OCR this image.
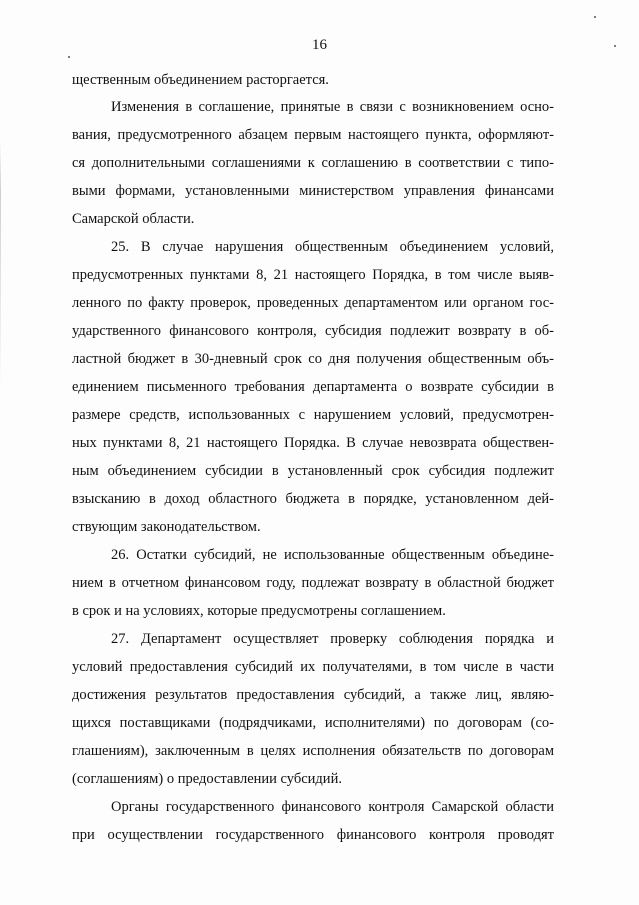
16
щественным объединением расторгается.
Изменения в соглашение, принятые в связи с возникновением осно-
вания, предусмотренного абзацем первым настоящего пункта, оформляют-
ся дополнительными соглашениями к соглашению в соответствии с типо-
выми формами, установленными министерством управления финансами
Самарской области.
25. В случае нарушения общественным объединением условий,
предусмотренных пунктами 8, 21 настоящего Порядка, в том числе выяв-
ленного по факту проверок, проведенных департаментом или органом гос-
ударственного финансового контроля, субсидия подлежит возврату в об-
ластной бюджет в 30-дневный срок со дня получения общественным объ-
единением письменного требования департамента о возврате субсидии в
размере средств, использованных с нарушением условий, предусмотрен-
ных пунктами 8, 21 настоящего Порядка. В случае невозврата обществен-
ным объединением субсидии в установленный срок субсидия подлежит
взысканию в доход областного бюджета в порядке, установленном дей-
ствующим законодательством.
26. Остатки субсидий, не использованные общественным объедине-
нием в отчетном финансовом году, подлежат возврату в областной бюджет
в срок и на условиях, которые предусмотрены соглашением.
27. Департамент осуществляет проверку соблюдения порядка и
условий предоставления субсидий их получателями, в том числе в части
достижения результатов предоставления субсидий, а также лиц, являю-
щихся поставщиками (подрядчиками, исполнителями) по договорам (со-
глашениям), заключенным в целях исполнения обязательств по договорам
(соглашениям) о предоставлении субсидий.
Органы государственного финансового контроля Самарской области
при осуществлении государственного финансового контроля проводят
